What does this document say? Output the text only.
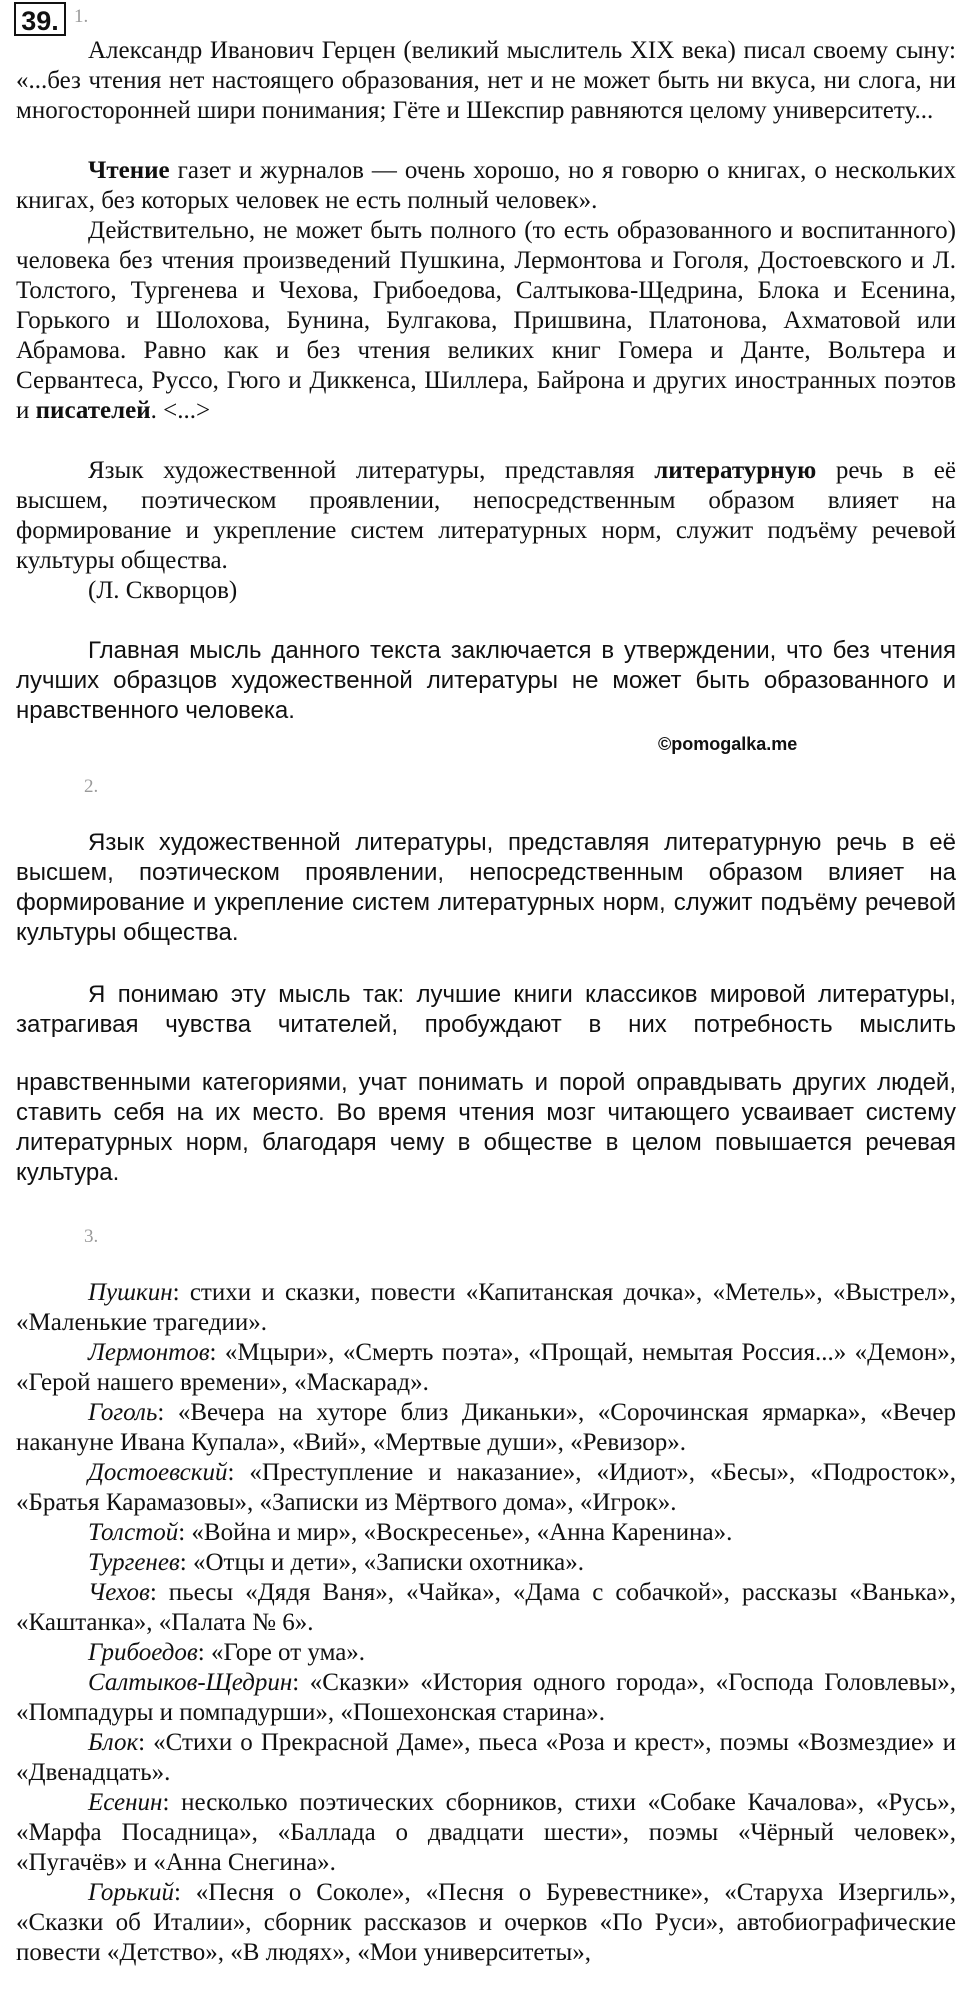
39. 1.

Александр Иванович Герцен (великий мыслитель XIX века) писал своему сыну: «...без чтения нет настоящего образования, нет и не может быть ни вкуса, ни слога, ни многосторонней шири понимания; Гёте и Шекспир равняются целому университету...

Чтение газет и журналов — очень хорошо, но я говорю о книгах, о нескольких книгах, без которых человек не есть полный человек».

Действительно, не может быть полного (то есть образованного и воспитанного) человека без чтения произведений Пушкина, Лермонтова и Гоголя, Достоевского и Л. Толстого, Тургенева и Чехова, Грибоедова, Салтыкова-Щедрина, Блока и Есенина, Горького и Шолохова, Бунина, Булгакова, Пришвина, Платонова, Ахматовой или Абрамова. Равно как и без чтения великих книг Гомера и Данте, Вольтера и Сервантеса, Руссо, Гюго и Диккенса, Шиллера, Байрона и других иностранных поэтов и писателей. <...>

Язык художественной литературы, представляя литературную речь в её высшем, поэтическом проявлении, непосредственным образом влияет на формирование и укрепление систем литературных норм, служит подъёму речевой культуры общества.

(Л. Скворцов)

Главная мысль данного текста заключается в утверждении, что без чтения лучших образцов художественной литературы не может быть образованного и нравственного человека.

©pomogalka.me

2.

Язык художественной литературы, представляя литературную речь в её высшем, поэтическом проявлении, непосредственным образом влияет на формирование и укрепление систем литературных норм, служит подъёму речевой культуры общества.

Я понимаю эту мысль так: лучшие книги классиков мировой литературы, затрагивая чувства читателей, пробуждают в них потребность мыслить

нравственными категориями, учат понимать и порой оправдывать других людей, ставить себя на их место. Во время чтения мозг читающего усваивает систему литературных норм, благодаря чему в обществе в целом повышается речевая культура.

3.

Пушкин: стихи и сказки, повести «Капитанская дочка», «Метель», «Выстрел», «Маленькие трагедии».

Лермонтов: «Мцыри», «Смерть поэта», «Прощай, немытая Россия...» «Демон», «Герой нашего времени», «Маскарад».

Гоголь: «Вечера на хуторе близ Диканьки», «Сорочинская ярмарка», «Вечер накануне Ивана Купала», «Вий», «Мертвые души», «Ревизор».

Достоевский: «Преступление и наказание», «Идиот», «Бесы», «Подросток», «Братья Карамазовы», «Записки из Мёртвого дома», «Игрок».

Толстой: «Война и мир», «Воскресенье», «Анна Каренина».

Тургенев: «Отцы и дети», «Записки охотника».

Чехов: пьесы «Дядя Ваня», «Чайка», «Дама с собачкой», рассказы «Ванька», «Каштанка», «Палата № 6».

Грибоедов: «Горе от ума».

Салтыков-Щедрин: «Сказки» «История одного города», «Господа Головлевы», «Помпадуры и помпадурши», «Пошехонская старина».

Блок: «Стихи о Прекрасной Даме», пьеса «Роза и крест», поэмы «Возмездие» и «Двенадцать».

Есенин: несколько поэтических сборников, стихи «Собаке Качалова», «Русь», «Марфа Посадница», «Баллада о двадцати шести», поэмы «Чёрный человек», «Пугачёв» и «Анна Снегина».

Горький: «Песня о Соколе», «Песня о Буревестнике», «Старуха Изергиль», «Сказки об Италии», сборник рассказов и очерков «По Руси», автобиографические повести «Детство», «В людях», «Мои университеты»,
